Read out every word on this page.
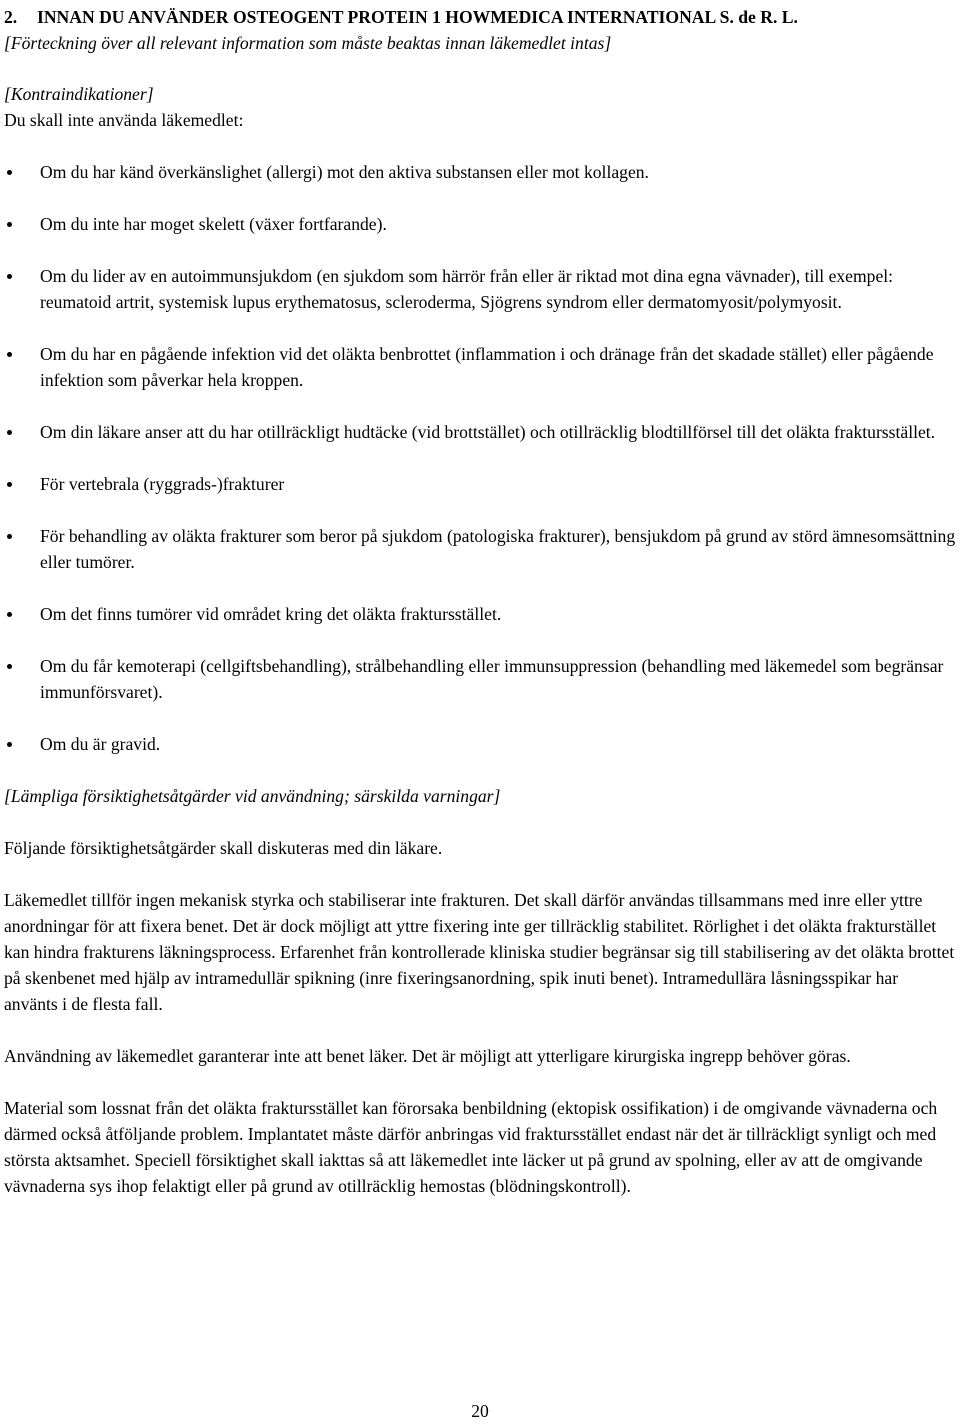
2.	INNAN DU ANVÄNDER OSTEOGENT PROTEIN 1 HOWMEDICA INTERNATIONAL S. de R. L.

[Förteckning över all relevant information som måste beaktas innan läkemedlet intas]

[Kontraindikationer]

Du skall inte använda läkemedlet:

Om du har känd överkänslighet (allergi) mot den aktiva substansen eller mot kollagen.
Om du inte har moget skelett (växer fortfarande).
Om du lider av en autoimmunsjukdom (en sjukdom som härrör från eller är riktad mot dina egna vävnader), till exempel: reumatoid artrit, systemisk lupus erythematosus, scleroderma, Sjögrens syndrom eller dermatomyosit/polymyosit.
Om du har en pågående infektion vid det oläkta benbrottet (inflammation i och dränage från det skadade stället) eller pågående infektion som påverkar hela kroppen.
Om din läkare anser att du har otillräckligt hudtäcke (vid brottstället) och otillräcklig blodtillförsel till det oläkta fraktursstället.
För vertebrala (ryggrads-)frakturer
För behandling av oläkta frakturer som beror på sjukdom (patologiska frakturer), bensjukdom på grund av störd ämnesomsättning eller tumörer.
Om det finns tumörer vid området kring det oläkta fraktursstället.
Om du får kemoterapi (cellgiftsbehandling), strålbehandling eller immunsuppression (behandling med läkemedel som begränsar immunförsvaret).
Om du är gravid.

[Lämpliga försiktighetsåtgärder vid användning; särskilda varningar]

Följande försiktighetsåtgärder skall diskuteras med din läkare.

Läkemedlet tillför ingen mekanisk styrka och stabiliserar inte frakturen. Det skall därför användas tillsammans med inre eller yttre anordningar för att fixera benet. Det är dock möjligt att yttre fixering inte ger tillräcklig stabilitet. Rörlighet i det oläkta frakturstället kan hindra frakturens läkningsprocess. Erfarenhet från kontrollerade kliniska studier begränsar sig till stabilisering av det oläkta brottet på skenbenet med hjälp av intramedullär spikning (inre fixeringsanordning, spik inuti benet). Intramedullära låsningsspikar har använts i de flesta fall.

Användning av läkemedlet garanterar inte att benet läker. Det är möjligt att ytterligare kirurgiska ingrepp behöver göras.

Material som lossnat från det oläkta fraktursstället kan förorsaka benbildning (ektopisk ossifikation) i de omgivande vävnaderna och därmed också åtföljande problem. Implantatet måste därför anbringas vid fraktursstället endast när det är tillräckligt synligt och med största aktsamhet. Speciell försiktighet skall iakttas så att läkemedlet inte läcker ut på grund av spolning, eller av att de omgivande vävnaderna sys ihop felaktigt eller på grund av otillräcklig hemostas (blödningskontroll).

20
